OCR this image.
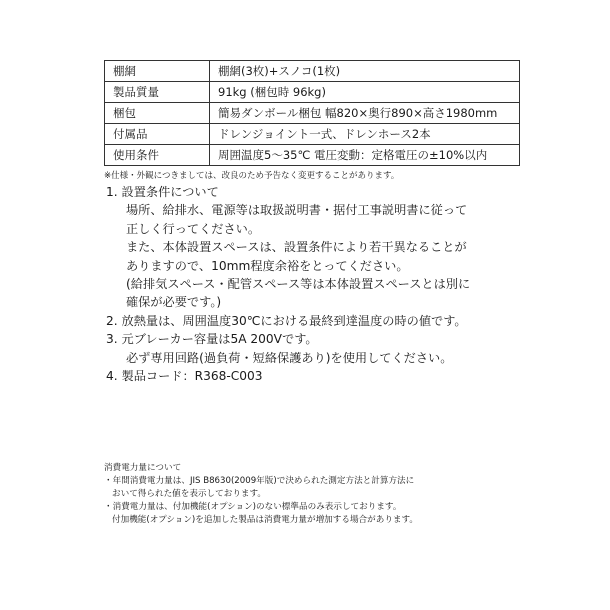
棚網	棚網(3枚)+スノコ(1枚)
製品質量	91kg (梱包時 96kg)
梱包	簡易ダンボール梱包 幅820×奥行890×高さ1980mm
付属品	ドレンジョイント一式、ドレンホース2本
使用条件	周囲温度5～35℃ 電圧変動：定格電圧の±10%以内
※仕様・外観につきましては、改良のため予告なく変更することがあります。
1. 設置条件について
場所、給排水、電源等は取扱説明書・据付工事説明書に従って
正しく行ってください。
また、本体設置スペースは、設置条件により若干異なることが
ありますので、10mm程度余裕をとってください。
(給排気スペース・配管スペース等は本体設置スペースとは別に
確保が必要です。)
2. 放熱量は、周囲温度30℃における最終到達温度の時の値です。
3. 元ブレーカー容量は5A 200Vです。
必ず専用回路(過負荷・短絡保護あり)を使用してください。
4. 製品コード：R368-C003
消費電力量について
・年間消費電力量は、JIS B8630(2009年版)で決められた測定方法と計算方法に
おいて得られた値を表示しております。
・消費電力量は、付加機能(オプション)のない標準品のみ表示しております。
付加機能(オプション)を追加した製品は消費電力量が増加する場合があります。
